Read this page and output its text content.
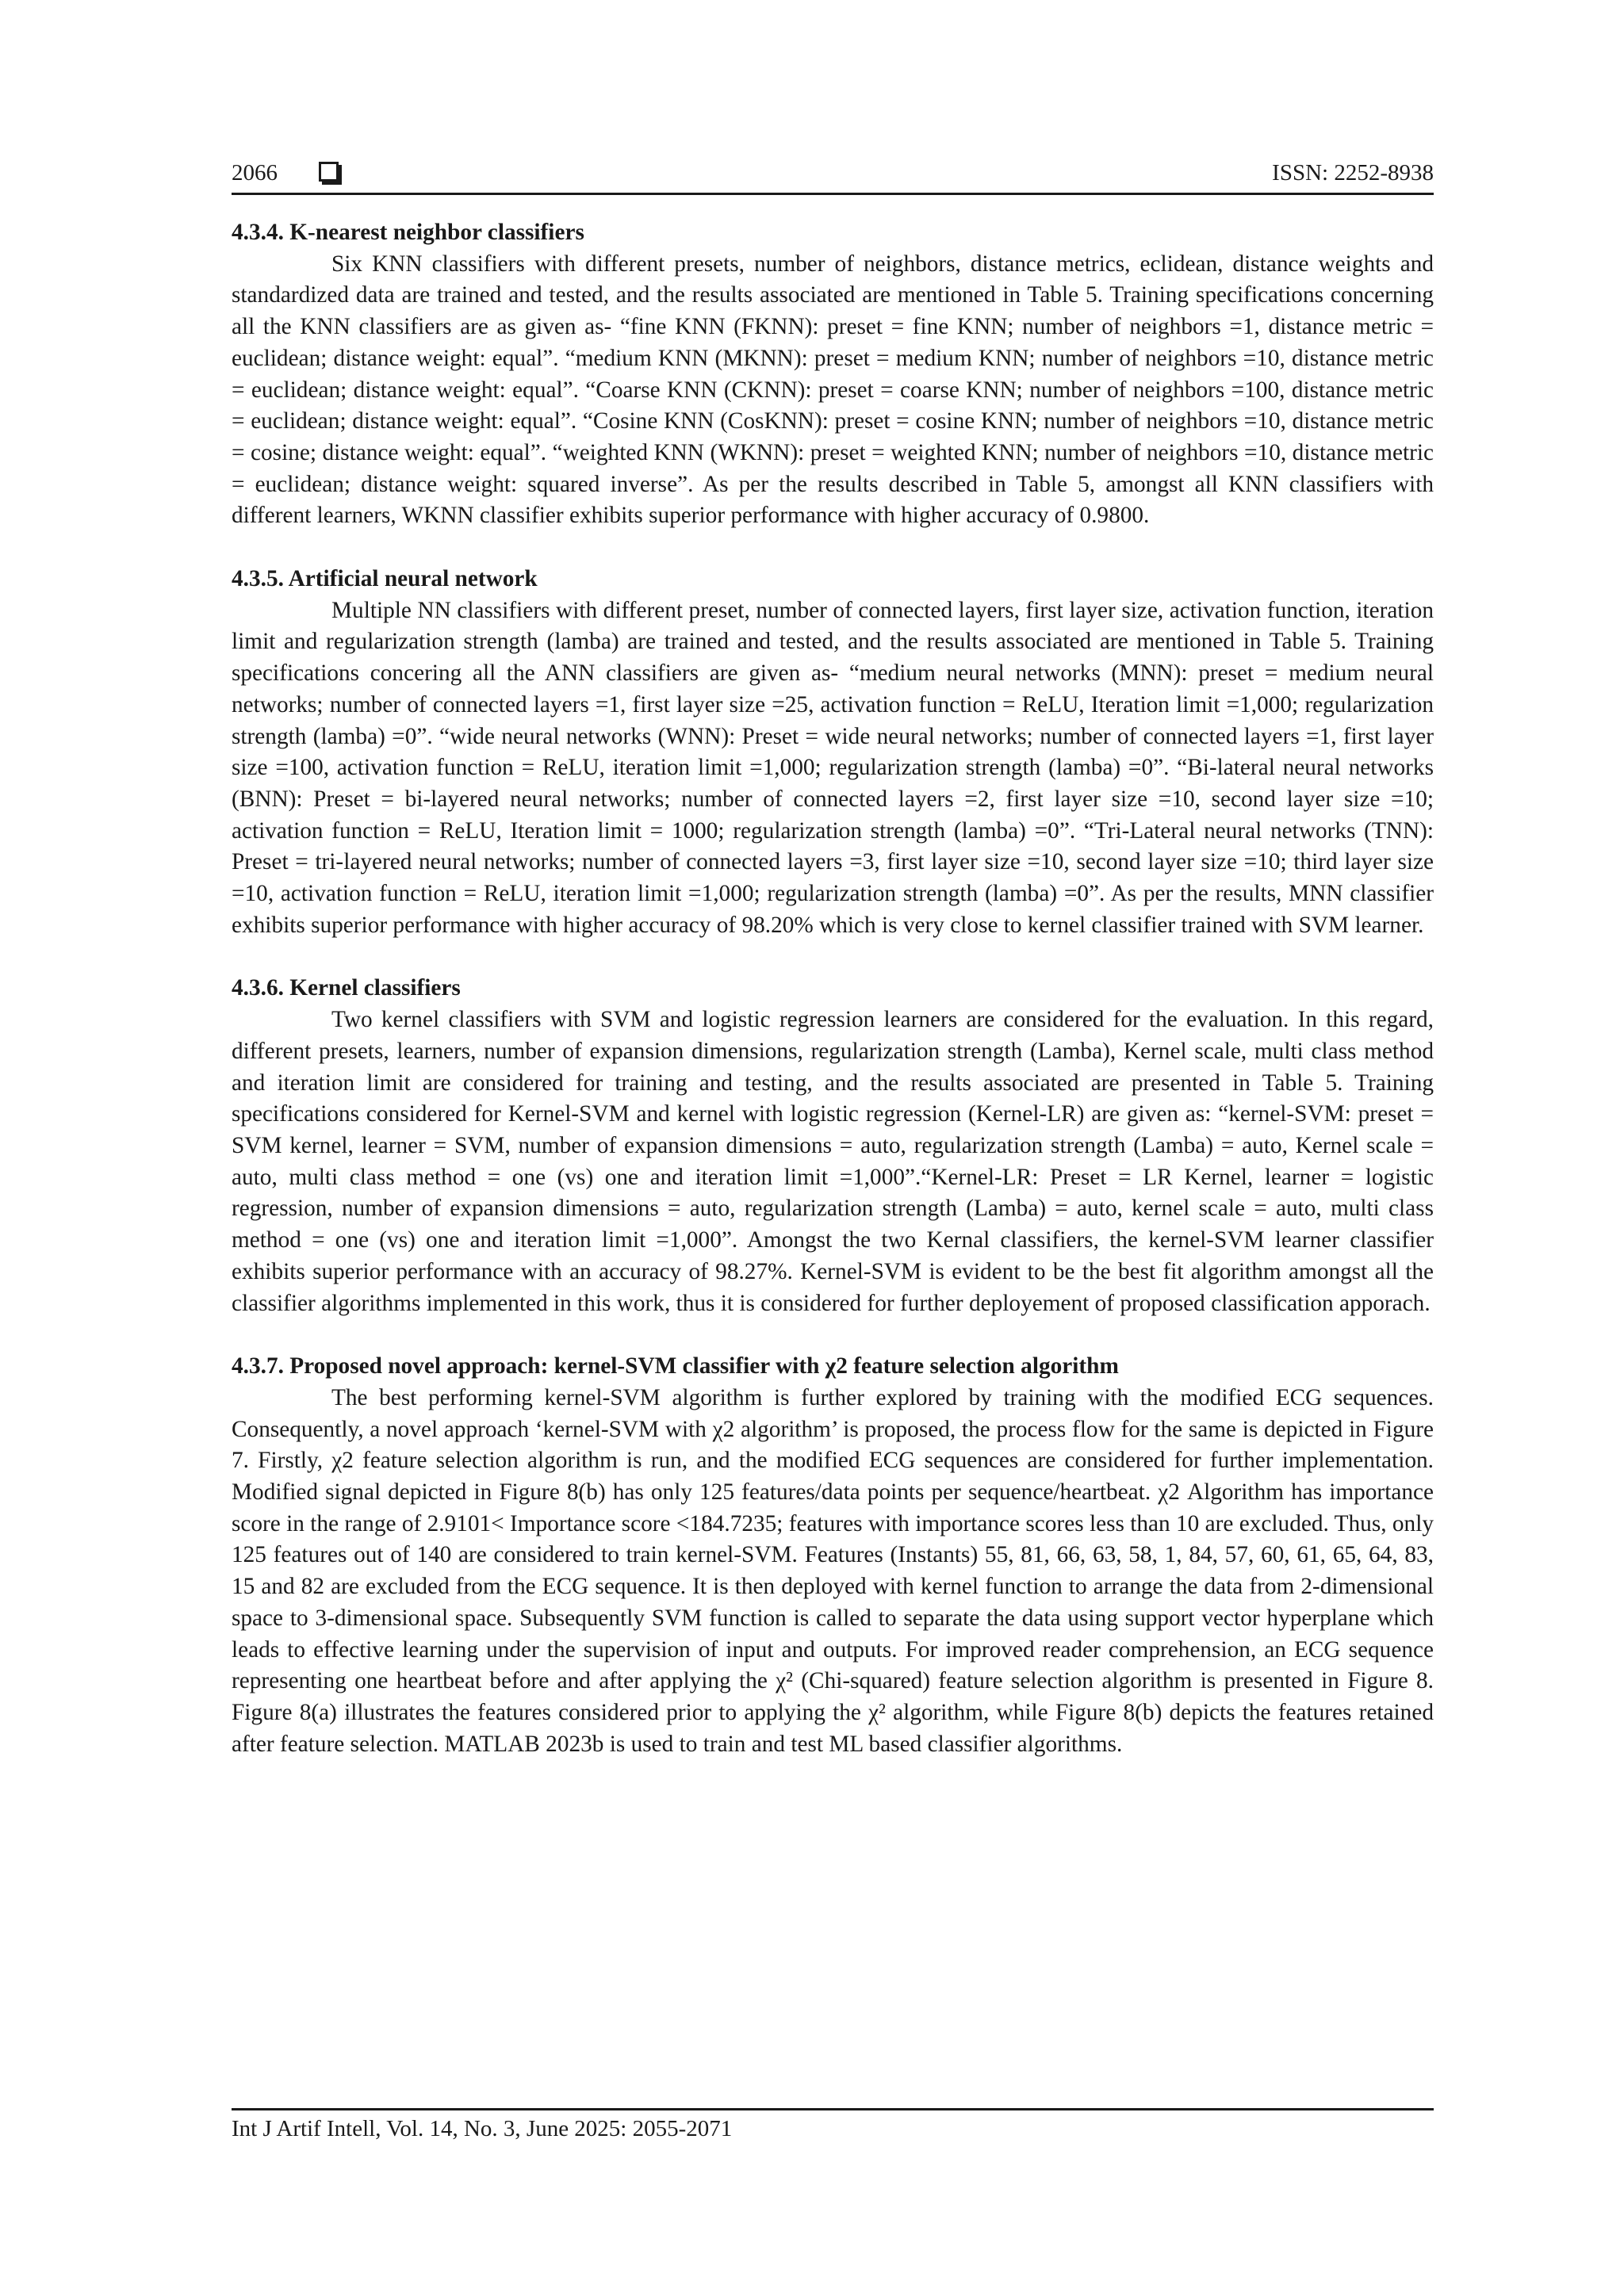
2066	ISSN: 2252-8938
4.3.4. K-nearest neighbor classifiers

Six KNN classifiers with different presets, number of neighbors, distance metrics, eclidean, distance weights and standardized data are trained and tested, and the results associated are mentioned in Table 5. Training specifications concerning all the KNN classifiers are as given as- “fine KNN (FKNN): preset = fine KNN; number of neighbors =1, distance metric = euclidean; distance weight: equal”. “medium KNN (MKNN): preset = medium KNN; number of neighbors =10, distance metric = euclidean; distance weight: equal”. “Coarse KNN (CKNN): preset = coarse KNN; number of neighbors =100, distance metric = euclidean; distance weight: equal”. “Cosine KNN (CosKNN): preset = cosine KNN; number of neighbors =10, distance metric = cosine; distance weight: equal”. “weighted KNN (WKNN): preset = weighted KNN; number of neighbors =10, distance metric = euclidean; distance weight: squared inverse”. As per the results described in Table 5, amongst all KNN classifiers with different learners, WKNN classifier exhibits superior performance with higher accuracy of 0.9800.

4.3.5. Artificial neural network

Multiple NN classifiers with different preset, number of connected layers, first layer size, activation function, iteration limit and regularization strength (lamba) are trained and tested, and the results associated are mentioned in Table 5. Training specifications concering all the ANN classifiers are given as- “medium neural networks (MNN): preset = medium neural networks; number of connected layers =1, first layer size =25, activation function = ReLU, Iteration limit =1,000; regularization strength (lamba) =0”. “wide neural networks (WNN): Preset = wide neural networks; number of connected layers =1, first layer size =100, activation function = ReLU, iteration limit =1,000; regularization strength (lamba) =0”. “Bi-lateral neural networks (BNN): Preset = bi-layered neural networks; number of connected layers =2, first layer size =10, second layer size =10; activation function = ReLU, Iteration limit = 1000; regularization strength (lamba) =0”. “Tri-Lateral neural networks (TNN): Preset = tri-layered neural networks; number of connected layers =3, first layer size =10, second layer size =10; third layer size =10, activation function = ReLU, iteration limit =1,000; regularization strength (lamba) =0”. As per the results, MNN classifier exhibits superior performance with higher accuracy of 98.20% which is very close to kernel classifier trained with SVM learner.

4.3.6. Kernel classifiers

Two kernel classifiers with SVM and logistic regression learners are considered for the evaluation. In this regard, different presets, learners, number of expansion dimensions, regularization strength (Lamba), Kernel scale, multi class method and iteration limit are considered for training and testing, and the results associated are presented in Table 5. Training specifications considered for Kernel-SVM and kernel with logistic regression (Kernel-LR) are given as: “kernel-SVM: preset = SVM kernel, learner = SVM, number of expansion dimensions = auto, regularization strength (Lamba) = auto, Kernel scale = auto, multi class method = one (vs) one and iteration limit =1,000”.“Kernel-LR: Preset = LR Kernel, learner = logistic regression, number of expansion dimensions = auto, regularization strength (Lamba) = auto, kernel scale = auto, multi class method = one (vs) one and iteration limit =1,000”. Amongst the two Kernal classifiers, the kernel-SVM learner classifier exhibits superior performance with an accuracy of 98.27%. Kernel-SVM is evident to be the best fit algorithm amongst all the classifier algorithms implemented in this work, thus it is considered for further deployement of proposed classification apporach.

4.3.7. Proposed novel approach: kernel-SVM classifier with χ2 feature selection algorithm

The best performing kernel-SVM algorithm is further explored by training with the modified ECG sequences. Consequently, a novel approach ‘kernel-SVM with χ2 algorithm’ is proposed, the process flow for the same is depicted in Figure 7. Firstly, χ2 feature selection algorithm is run, and the modified ECG sequences are considered for further implementation. Modified signal depicted in Figure 8(b) has only 125 features/data points per sequence/heartbeat. χ2 Algorithm has importance score in the range of 2.9101< Importance score <184.7235; features with importance scores less than 10 are excluded. Thus, only 125 features out of 140 are considered to train kernel-SVM. Features (Instants) 55, 81, 66, 63, 58, 1, 84, 57, 60, 61, 65, 64, 83, 15 and 82 are excluded from the ECG sequence. It is then deployed with kernel function to arrange the data from 2-dimensional space to 3-dimensional space. Subsequently SVM function is called to separate the data using support vector hyperplane which leads to effective learning under the supervision of input and outputs. For improved reader comprehension, an ECG sequence representing one heartbeat before and after applying the χ² (Chi-squared) feature selection algorithm is presented in Figure 8. Figure 8(a) illustrates the features considered prior to applying the χ² algorithm, while Figure 8(b) depicts the features retained after feature selection. MATLAB 2023b is used to train and test ML based classifier algorithms.

Int J Artif Intell, Vol. 14, No. 3, June 2025: 2055-2071
